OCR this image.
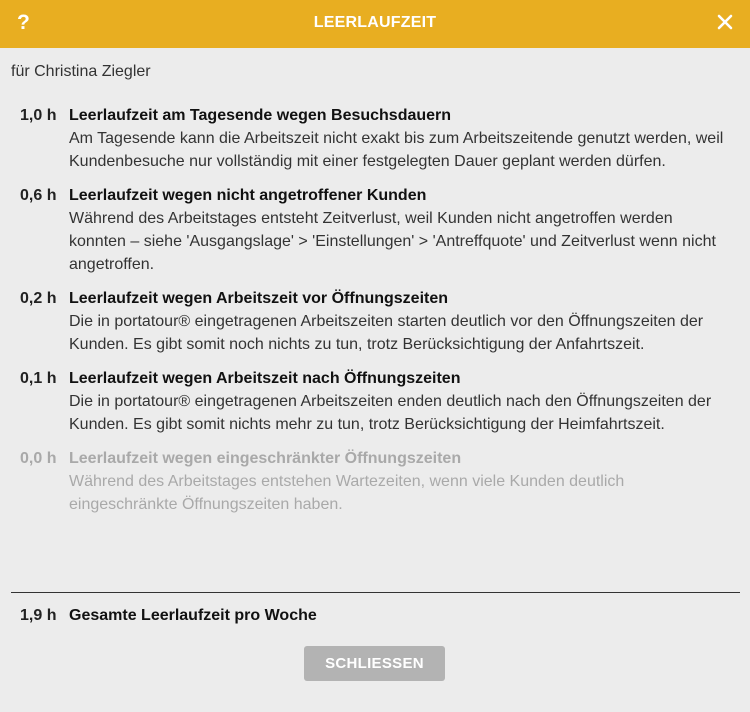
?	LEERLAUFZEIT
für Christina Ziegler
1,0 h Leerlaufzeit am Tagesende wegen Besuchsdauern
Am Tagesende kann die Arbeitszeit nicht exakt bis zum Arbeitszeitende genutzt werden, weil Kundenbesuche nur vollständig mit einer festgelegten Dauer geplant werden dürfen.
0,6 h Leerlaufzeit wegen nicht angetroffener Kunden
Während des Arbeitstages entsteht Zeitverlust, weil Kunden nicht angetroffen werden konnten – siehe 'Ausgangslage' > 'Einstellungen' > 'Antreffquote' und Zeitverlust wenn nicht angetroffen.
0,2 h Leerlaufzeit wegen Arbeitszeit vor Öffnungszeiten
Die in portatour® eingetragenen Arbeitszeiten starten deutlich vor den Öffnungszeiten der Kunden. Es gibt somit noch nichts zu tun, trotz Berücksichtigung der Anfahrtszeit.
0,1 h Leerlaufzeit wegen Arbeitszeit nach Öffnungszeiten
Die in portatour® eingetragenen Arbeitszeiten enden deutlich nach den Öffnungszeiten der Kunden. Es gibt somit nichts mehr zu tun, trotz Berücksichtigung der Heimfahrtszeit.
0,0 h Leerlaufzeit wegen eingeschränkter Öffnungszeiten
Während des Arbeitstages entstehen Wartezeiten, wenn viele Kunden deutlich eingeschränkte Öffnungszeiten haben.
1,9 h Gesamte Leerlaufzeit pro Woche
SCHLIESSEN
